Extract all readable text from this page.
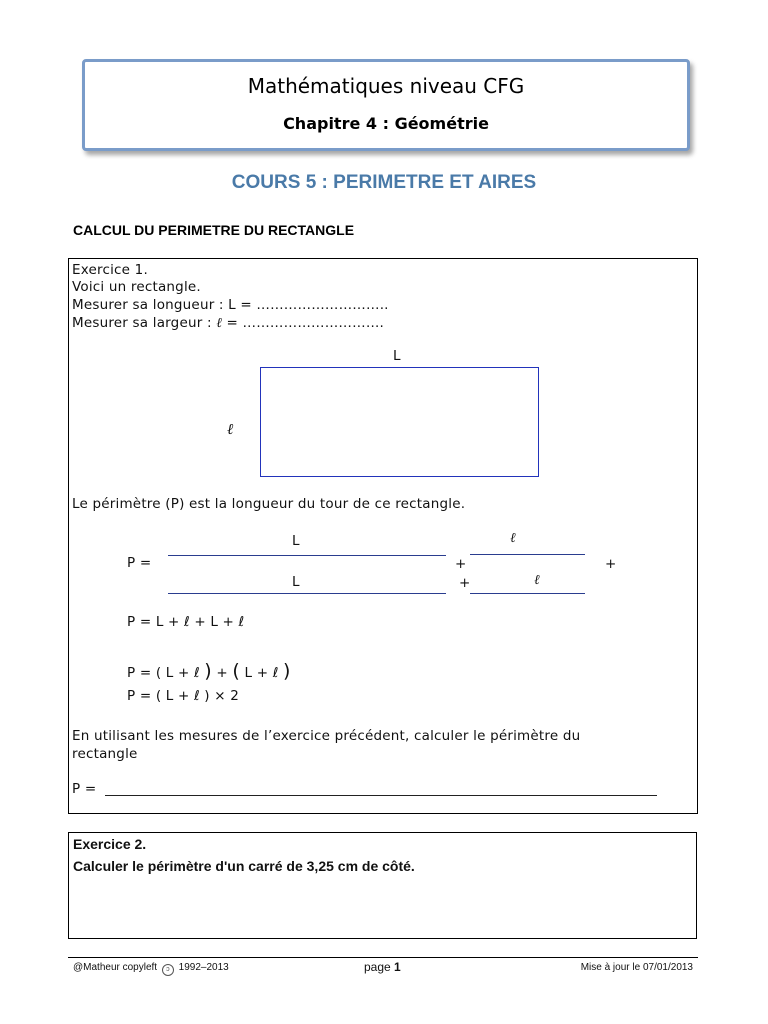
Mathématiques niveau CFG
Chapitre 4 : Géométrie
COURS 5 : PERIMETRE ET AIRES
CALCUL DU PERIMETRE DU RECTANGLE
Exercice 1.
Voici un rectangle.
Mesurer sa longueur : L = ………………………..
Mesurer sa largeur : ℓ = ………………………….
L
ℓ
Le périmètre (P) est la longueur du tour de ce rectangle.
L	ℓ
P =	+	+
L	+	ℓ
P = L + ℓ + L + ℓ
P = ( L + ℓ ) + ( L + ℓ )
P = ( L + ℓ ) × 2
En utilisant les mesures de l’exercice précédent, calculer le périmètre du
rectangle
P =
Exercice 2.
Calculer le périmètre d'un carré de 3,25 cm de côté.
@Matheur copyleft ↄ 1992–2013	page 1	Mise à jour le 07/01/2013
